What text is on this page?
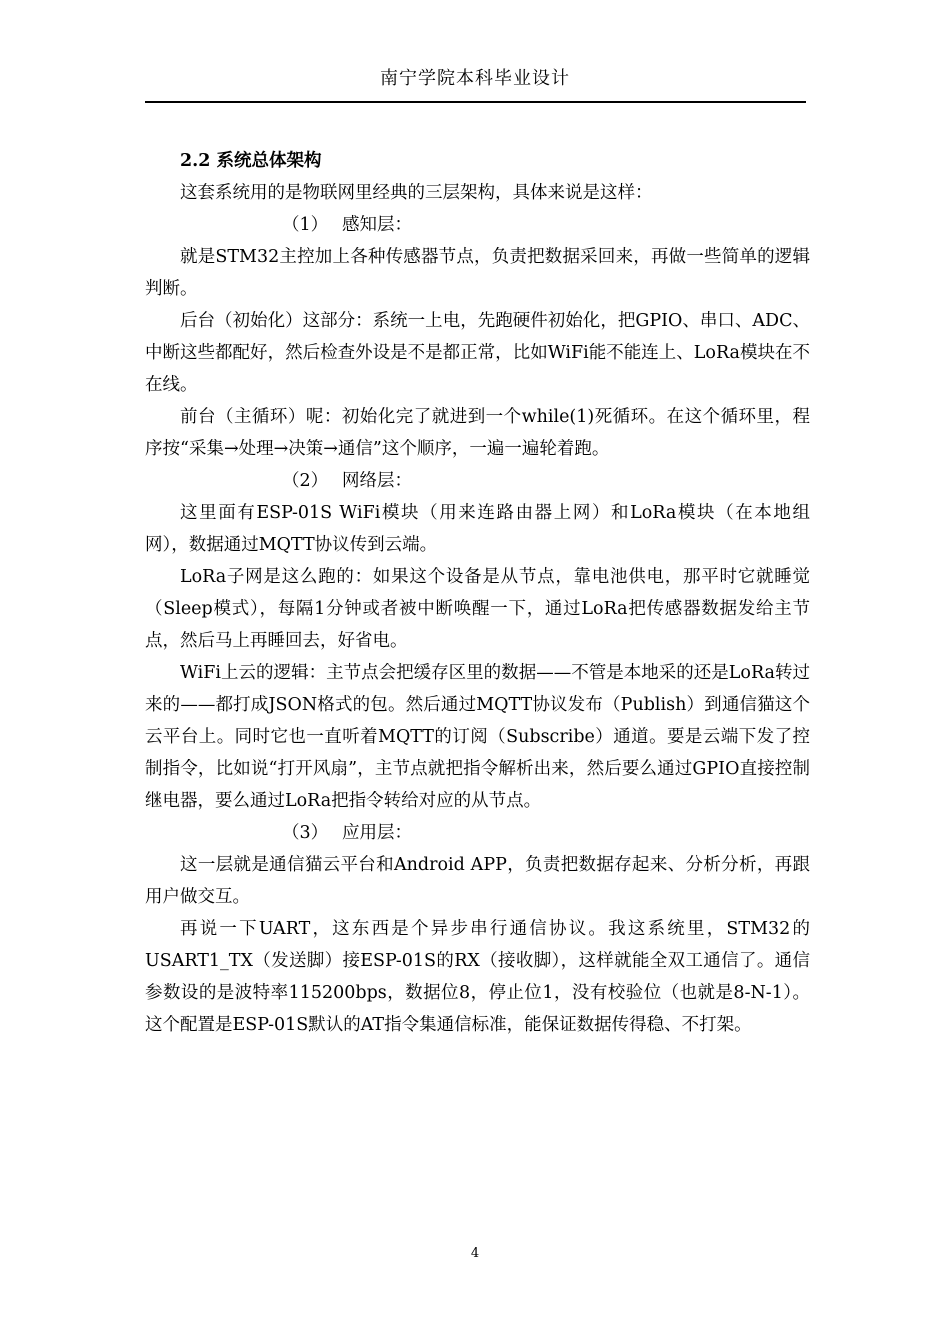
南宁学院本科毕业设计
2.2 系统总体架构

这套系统用的是物联网里经典的三层架构，具体来说是这样：

（1） 感知层：

就是STM32主控加上各种传感器节点，负责把数据采回来，再做一些简单的逻辑判断。

后台（初始化）这部分：系统一上电，先跑硬件初始化，把GPIO、串口、ADC、中断这些都配好，然后检查外设是不是都正常，比如WiFi能不能连上、LoRa模块在不在线。

前台（主循环）呢：初始化完了就进到一个while(1)死循环。在这个循环里，程序按“采集→处理→决策→通信”这个顺序，一遍一遍轮着跑。

（2） 网络层：

这里面有ESP-01S WiFi模块（用来连路由器上网）和LoRa模块（在本地组网），数据通过MQTT协议传到云端。

LoRa子网是这么跑的：如果这个设备是从节点，靠电池供电，那平时它就睡觉（Sleep模式），每隔1分钟或者被中断唤醒一下，通过LoRa把传感器数据发给主节点，然后马上再睡回去，好省电。

WiFi上云的逻辑：主节点会把缓存区里的数据——不管是本地采的还是LoRa转过来的——都打成JSON格式的包。然后通过MQTT协议发布（Publish）到通信猫这个云平台上。同时它也一直听着MQTT的订阅（Subscribe）通道。要是云端下发了控制指令，比如说“打开风扇”，主节点就把指令解析出来，然后要么通过GPIO直接控制继电器，要么通过LoRa把指令转给对应的从节点。

（3） 应用层：

这一层就是通信猫云平台和Android APP，负责把数据存起来、分析分析，再跟用户做交互。

再说一下UART，这东西是个异步串行通信协议。我这系统里，STM32的USART1_TX（发送脚）接ESP-01S的RX（接收脚），这样就能全双工通信了。通信参数设的是波特率115200bps，数据位8，停止位1，没有校验位（也就是8-N-1）。这个配置是ESP-01S默认的AT指令集通信标准，能保证数据传得稳、不打架。

4
